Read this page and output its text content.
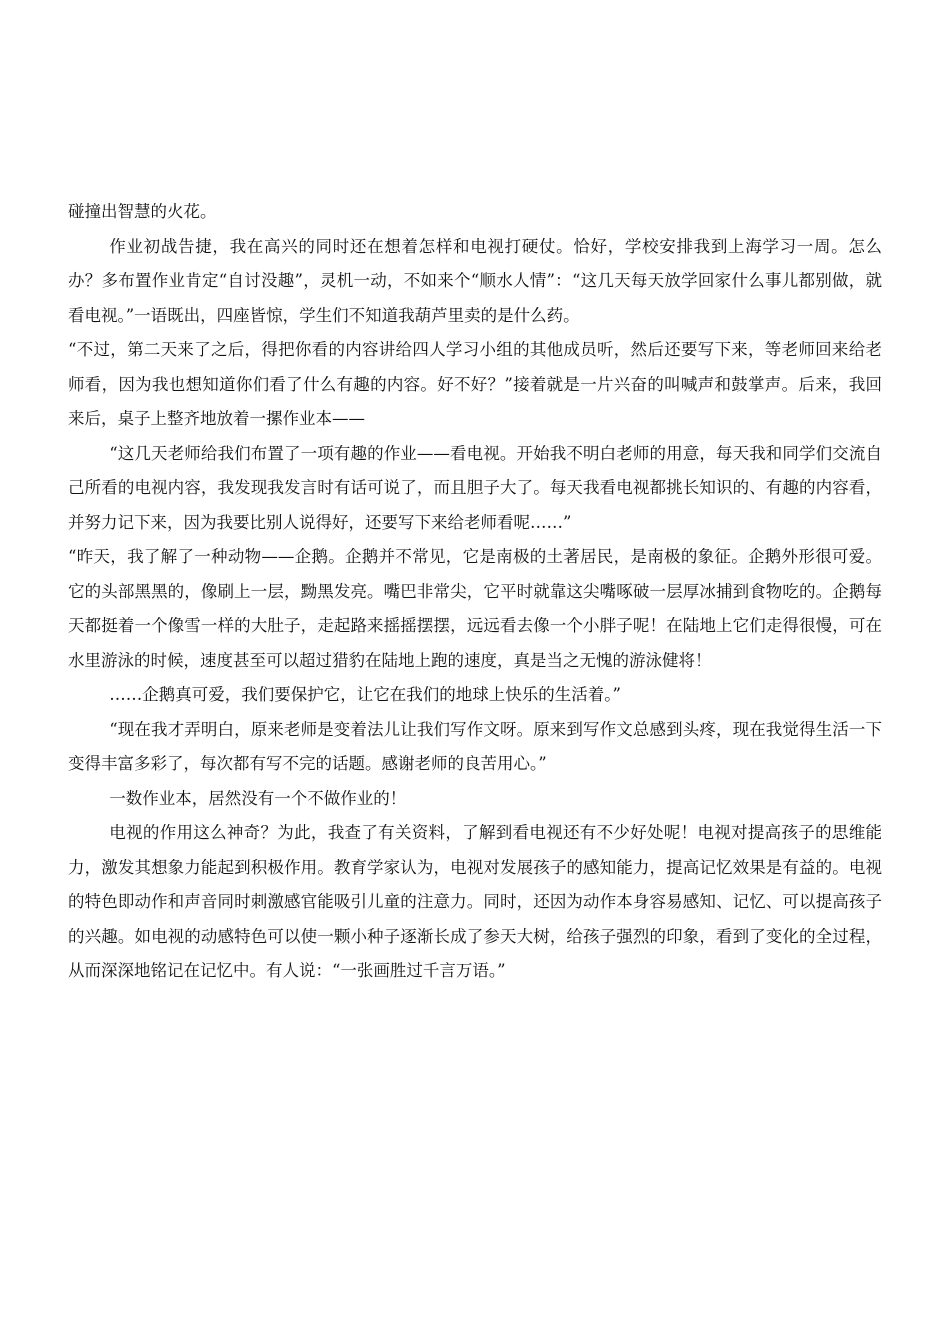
碰撞出智慧的火花。

作业初战告捷，我在高兴的同时还在想着怎样和电视打硬仗。恰好，学校安排我到上海学习一周。怎么办？多布置作业肯定“自讨没趣”，灵机一动，不如来个“顺水人情”：“这几天每天放学回家什么事儿都别做，就看电视。”一语既出，四座皆惊，学生们不知道我葫芦里卖的是什么药。

“不过，第二天来了之后，得把你看的内容讲给四人学习小组的其他成员听，然后还要写下来，等老师回来给老师看，因为我也想知道你们看了什么有趣的内容。好不好？”接着就是一片兴奋的叫喊声和鼓掌声。后来，我回来后，桌子上整齐地放着一摞作业本——

“这几天老师给我们布置了一项有趣的作业——看电视。开始我不明白老师的用意，每天我和同学们交流自己所看的电视内容，我发现我发言时有话可说了，而且胆子大了。每天我看电视都挑长知识的、有趣的内容看，并努力记下来，因为我要比别人说得好，还要写下来给老师看呢……”

“昨天，我了解了一种动物——企鹅。企鹅并不常见，它是南极的土著居民，是南极的象征。企鹅外形很可爱。它的头部黑黑的，像刷上一层，黝黑发亮。嘴巴非常尖，它平时就靠这尖嘴啄破一层厚冰捕到食物吃的。企鹅每天都挺着一个像雪一样的大肚子，走起路来摇摇摆摆，远远看去像一个小胖子呢！在陆地上它们走得很慢，可在水里游泳的时候，速度甚至可以超过猎豹在陆地上跑的速度，真是当之无愧的游泳健将！

……企鹅真可爱，我们要保护它，让它在我们的地球上快乐的生活着。”

“现在我才弄明白，原来老师是变着法儿让我们写作文呀。原来到写作文总感到头疼，现在我觉得生活一下变得丰富多彩了，每次都有写不完的话题。感谢老师的良苦用心。”

一数作业本，居然没有一个不做作业的！

电视的作用这么神奇？为此，我查了有关资料，了解到看电视还有不少好处呢！电视对提高孩子的思维能力，激发其想象力能起到积极作用。教育学家认为，电视对发展孩子的感知能力，提高记忆效果是有益的。电视的特色即动作和声音同时刺激感官能吸引儿童的注意力。同时，还因为动作本身容易感知、记忆、可以提高孩子的兴趣。如电视的动感特色可以使一颗小种子逐渐长成了参天大树，给孩子强烈的印象，看到了变化的全过程，从而深深地铭记在记忆中。有人说：“一张画胜过千言万语。”
